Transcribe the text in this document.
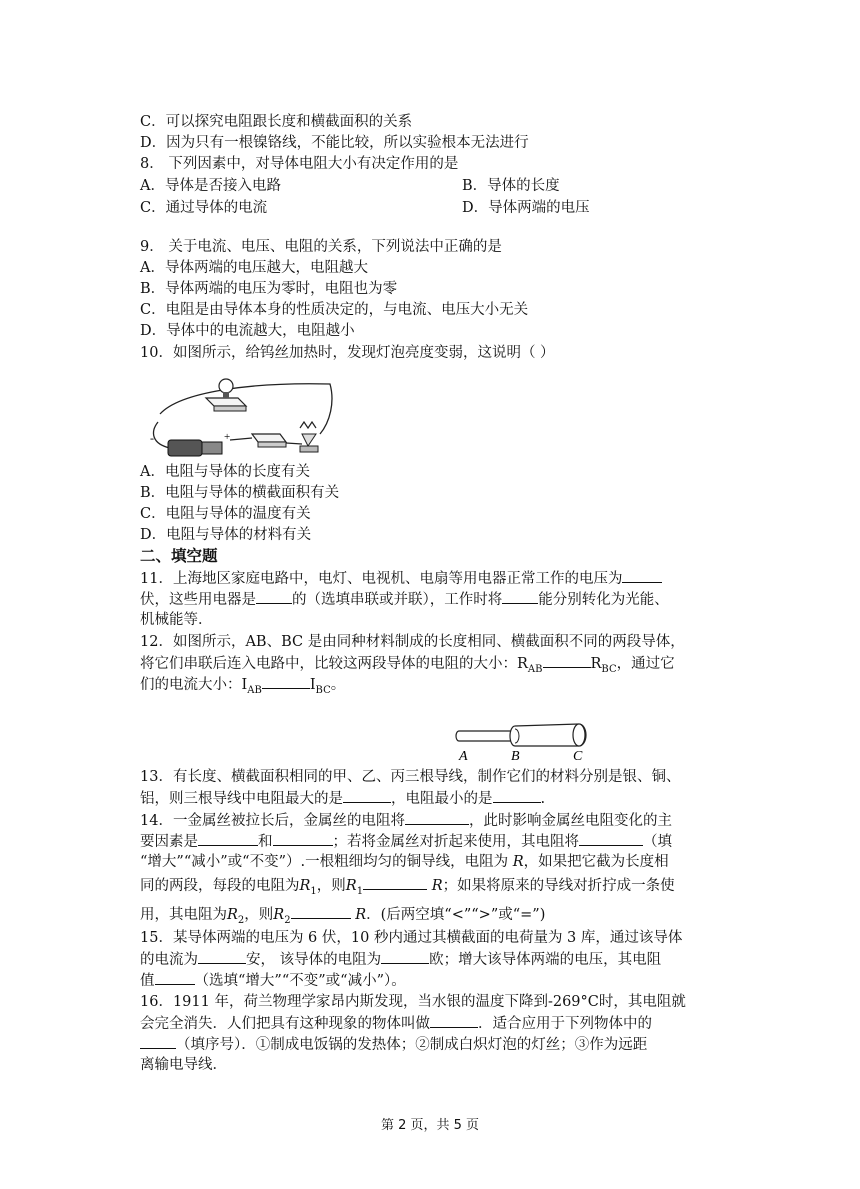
C．可以探究电阻跟长度和横截面积的关系
D．因为只有一根镍铬线，不能比较，所以实验根本无法进行
8． 下列因素中，对导体电阻大小有决定作用的是
A．导体是否接入电路	B．导体的长度
C．通过导体的电流	D．导体两端的电压
9． 关于电流、电压、电阻的关系，下列说法中正确的是
A．导体两端的电压越大，电阻越大
B．导体两端的电压为零时，电阻也为零
C．电阻是由导体本身的性质决定的，与电流、电压大小无关
D．导体中的电流越大，电阻越小
10．如图所示，给钨丝加热时，发现灯泡亮度变弱，这说明（ ）
-	+
A．电阻与导体的长度有关
B．电阻与导体的横截面积有关
C．电阻与导体的温度有关
D．电阻与导体的材料有关
二、填空题
11．上海地区家庭电路中，电灯、电视机、电扇等用电器正常工作的电压为
伏，这些用电器是 的（选填串联或并联），工作时将 能分别转化为光能、
机械能等．
12．如图所示，AB、BC 是由同种材料制成的长度相同、横截面积不同的两段导体，
将它们串联后连入电路中，比较这两段导体的电阻的大小：$R_{AB}$	$R_{BC}$，通过它
们的电流大小：$I_{AB}$	$I_{BC}$。
A	B	C
13．有长度、横截面积相同的甲、乙、丙三根导线，制作它们的材料分别是银、铜、
铝，则三根导线中电阻最大的是	，电阻最小的是	.
14．一金属丝被拉长后，金属丝的电阻将	，此时影响金属丝电阻变化的主
要因素是	和	；若将金属丝对折起来使用，其电阻将	（填
“增大”“减小”或“不变”）.一根粗细均匀的铜导线，电阻为 R，如果把它截为长度相
同的两段，每段的电阻为$R_1$，则$R_1$	R；如果将原来的导线对折拧成一条使
用，其电阻为$R_2$，则$R_2$	R．(后两空填“<”“>”或“=”)
15．某导体两端的电压为 6 伏，10 秒内通过其横截面的电荷量为 3 库，通过该导体
的电流为	安， 该导体的电阻为	欧；增大该导体两端的电压，其电阻
值	（选填“增大”“不变”或“减小”）。
16．1911 年，荷兰物理学家昂内斯发现，当水银的温度下降到-269°C时，其电阻就
会完全消失．人们把具有这种现象的物体叫做	．适合应用于下列物体中的
（填序号）．①制成电饭锅的发热体；②制成白炽灯泡的灯丝；③作为远距
离输电导线．
第 2 页，共 5 页
